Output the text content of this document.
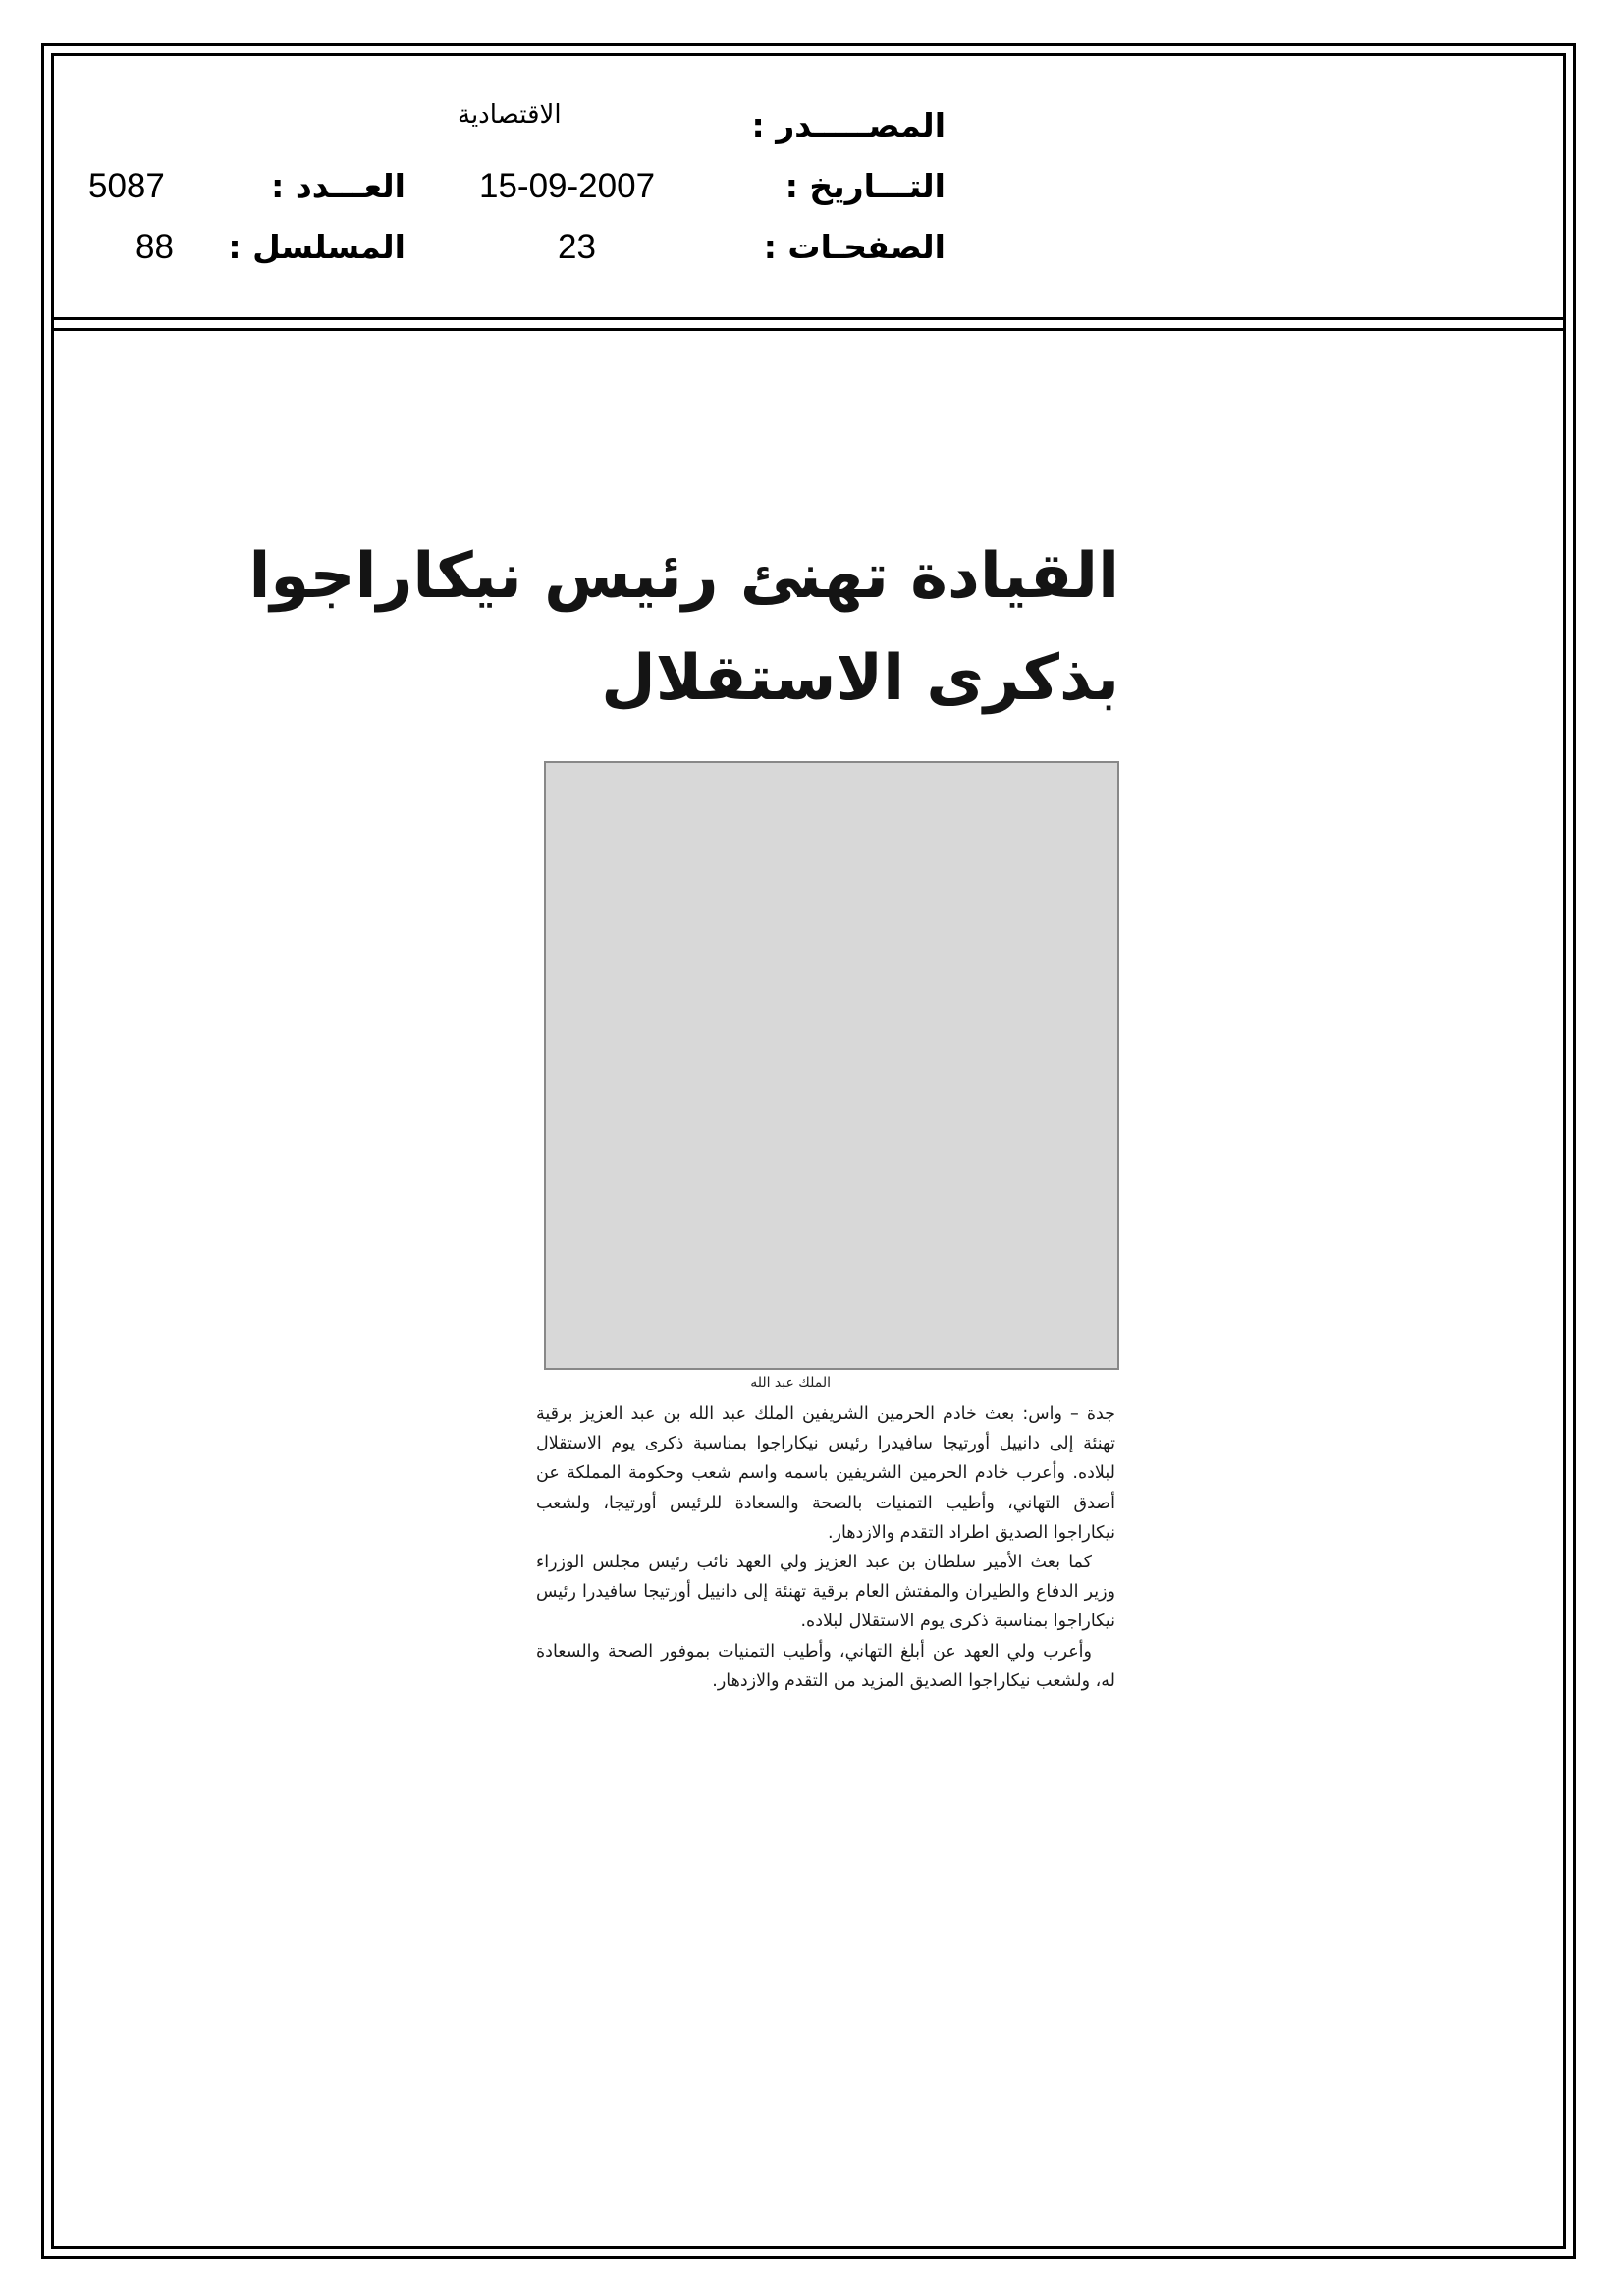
المصـــــدر :
الاقتصادية
التـــاريخ :
15-09-2007
الصفحـات :
23
العـــدد :
5087
المسلسل :
88
القيادة تهنئ رئيس نيكاراجوا
بذكرى الاستقلال
الملك عبد الله

جدة – واس: بعث خادم الحرمين الشريفين الملك عبد الله بن عبد العزيز برقية تهنئة إلى دانييل أورتيجا سافيدرا رئيس نيكاراجوا بمناسبة ذكرى يوم الاستقلال لبلاده. وأعرب خادم الحرمين الشريفين باسمه واسم شعب وحكومة المملكة عن أصدق التهاني، وأطيب التمنيات بالصحة والسعادة للرئيس أورتيجا، ولشعب نيكاراجوا الصديق اطراد التقدم والازدهار.

كما بعث الأمير سلطان بن عبد العزيز ولي العهد نائب رئيس مجلس الوزراء وزير الدفاع والطيران والمفتش العام برقية تهنئة إلى دانييل أورتيجا سافيدرا رئيس نيكاراجوا بمناسبة ذكرى يوم الاستقلال لبلاده.

وأعرب ولي العهد عن أبلغ التهاني، وأطيب التمنيات بموفور الصحة والسعادة له، ولشعب نيكاراجوا الصديق المزيد من التقدم والازدهار.
